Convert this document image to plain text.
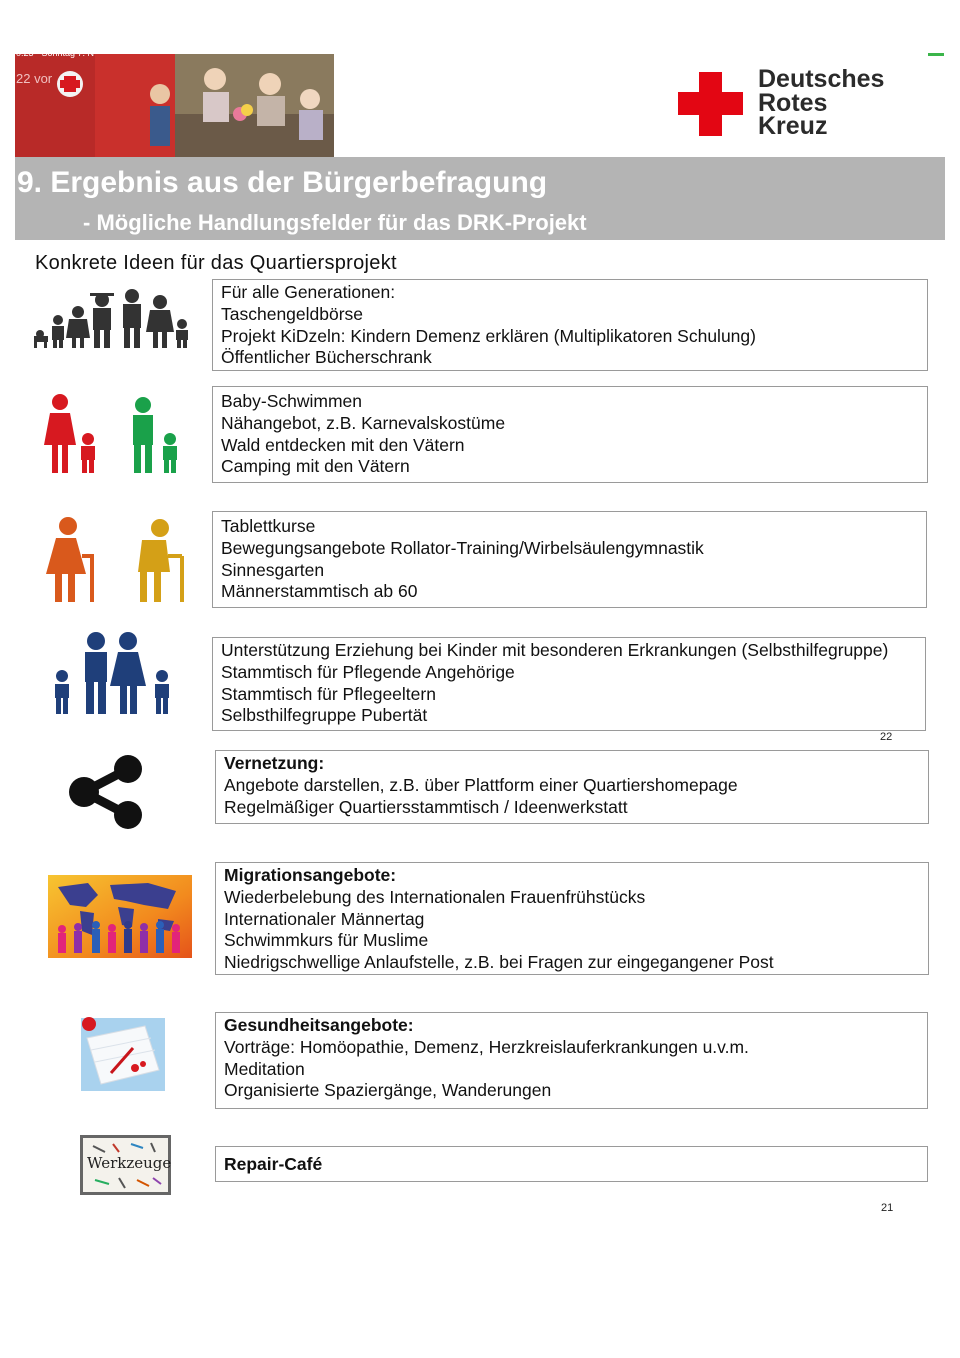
0:23 · Sonntag 7. N
22 vor	Deutsches
Rotes
Kreuz
9. Ergebnis aus der Bürgerbefragung
- Mögliche Handlungsfelder für das DRK-Projekt
Konkrete Ideen für das Quartiersprojekt
Für alle Generationen:
Taschengeldbörse
Projekt KiDzeln: Kindern Demenz erklären (Multiplikatoren Schulung)
Öffentlicher Bücherschrank
Baby-Schwimmen
Nähangebot, z.B. Karnevalskostüme
Wald entdecken mit den Vätern
Camping mit den Vätern
Tablettkurse
Bewegungsangebote Rollator-Training/Wirbelsäulengymnastik
Sinnesgarten
Männerstammtisch ab 60
Unterstützung Erziehung bei Kinder mit besonderen Erkrankungen (Selbsthilfegruppe)
Stammtisch für Pflegende Angehörige
Stammtisch für Pflegeeltern
Selbsthilfegruppe Pubertät
22
Vernetzung:
Angebote darstellen, z.B. über Plattform einer Quartiershomepage
Regelmäßiger Quartiersstammtisch / Ideenwerkstatt
Migrationsangebote:
Wiederbelebung des Internationalen Frauenfrühstücks
Internationaler Männertag
Schwimmkurs für Muslime
Niedrigschwellige Anlaufstelle, z.B. bei Fragen zur eingegangener Post
Gesundheitsangebote:
Vorträge: Homöopathie, Demenz, Herzkreislauferkrankungen u.v.m.
Meditation
Organisierte Spaziergänge, Wanderungen
Werkzeuge	Repair-Café
21
